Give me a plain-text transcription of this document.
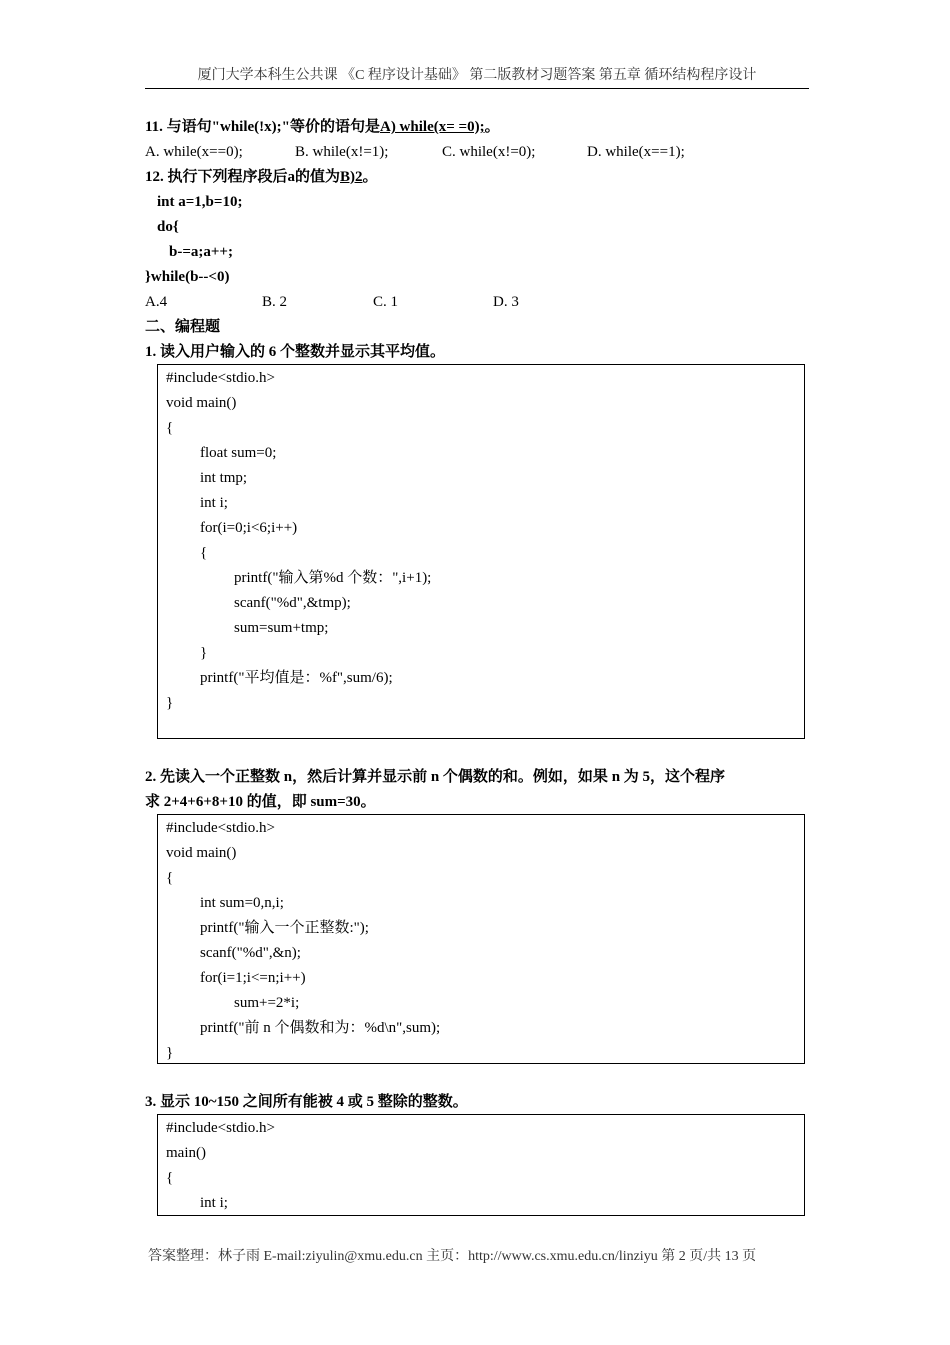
厦门大学本科生公共课 《C 程序设计基础》 第二版教材习题答案 第五章 循环结构程序设计
11. 与语句"while(!x);"等价的语句是A) while(x= =0);。
A. while(x==0);	B. while(x!=1);	C. while(x!=0);	D. while(x==1);
12. 执行下列程序段后a的值为B)2。
int a=1,b=10;
do{
b-=a;a++;
}while(b--<0)
A.4	B. 2	C. 1	D. 3
二、编程题
1. 读入用户输入的 6 个整数并显示其平均值。
#include<stdio.h>
void main()
{
float sum=0;
int tmp;
int i;
for(i=0;i<6;i++)
{
printf("输入第%d 个数：",i+1);
scanf("%d",&tmp);
sum=sum+tmp;
}
printf("平均值是：%f",sum/6);
}
2. 先读入一个正整数 n，然后计算并显示前 n 个偶数的和。例如，如果 n 为 5，这个程序
求 2+4+6+8+10 的值，即 sum=30。
#include<stdio.h>
void main()
{
int sum=0,n,i;
printf("输入一个正整数:");
scanf("%d",&n);
for(i=1;i<=n;i++)
sum+=2*i;
printf("前 n 个偶数和为：%d\n",sum);
}
3. 显示 10~150 之间所有能被 4 或 5 整除的整数。
#include<stdio.h>
main()
{
int i;
答案整理：林子雨 E-mail:ziyulin@xmu.edu.cn 主页：http://www.cs.xmu.edu.cn/linziyu 第 2 页/共 13 页
